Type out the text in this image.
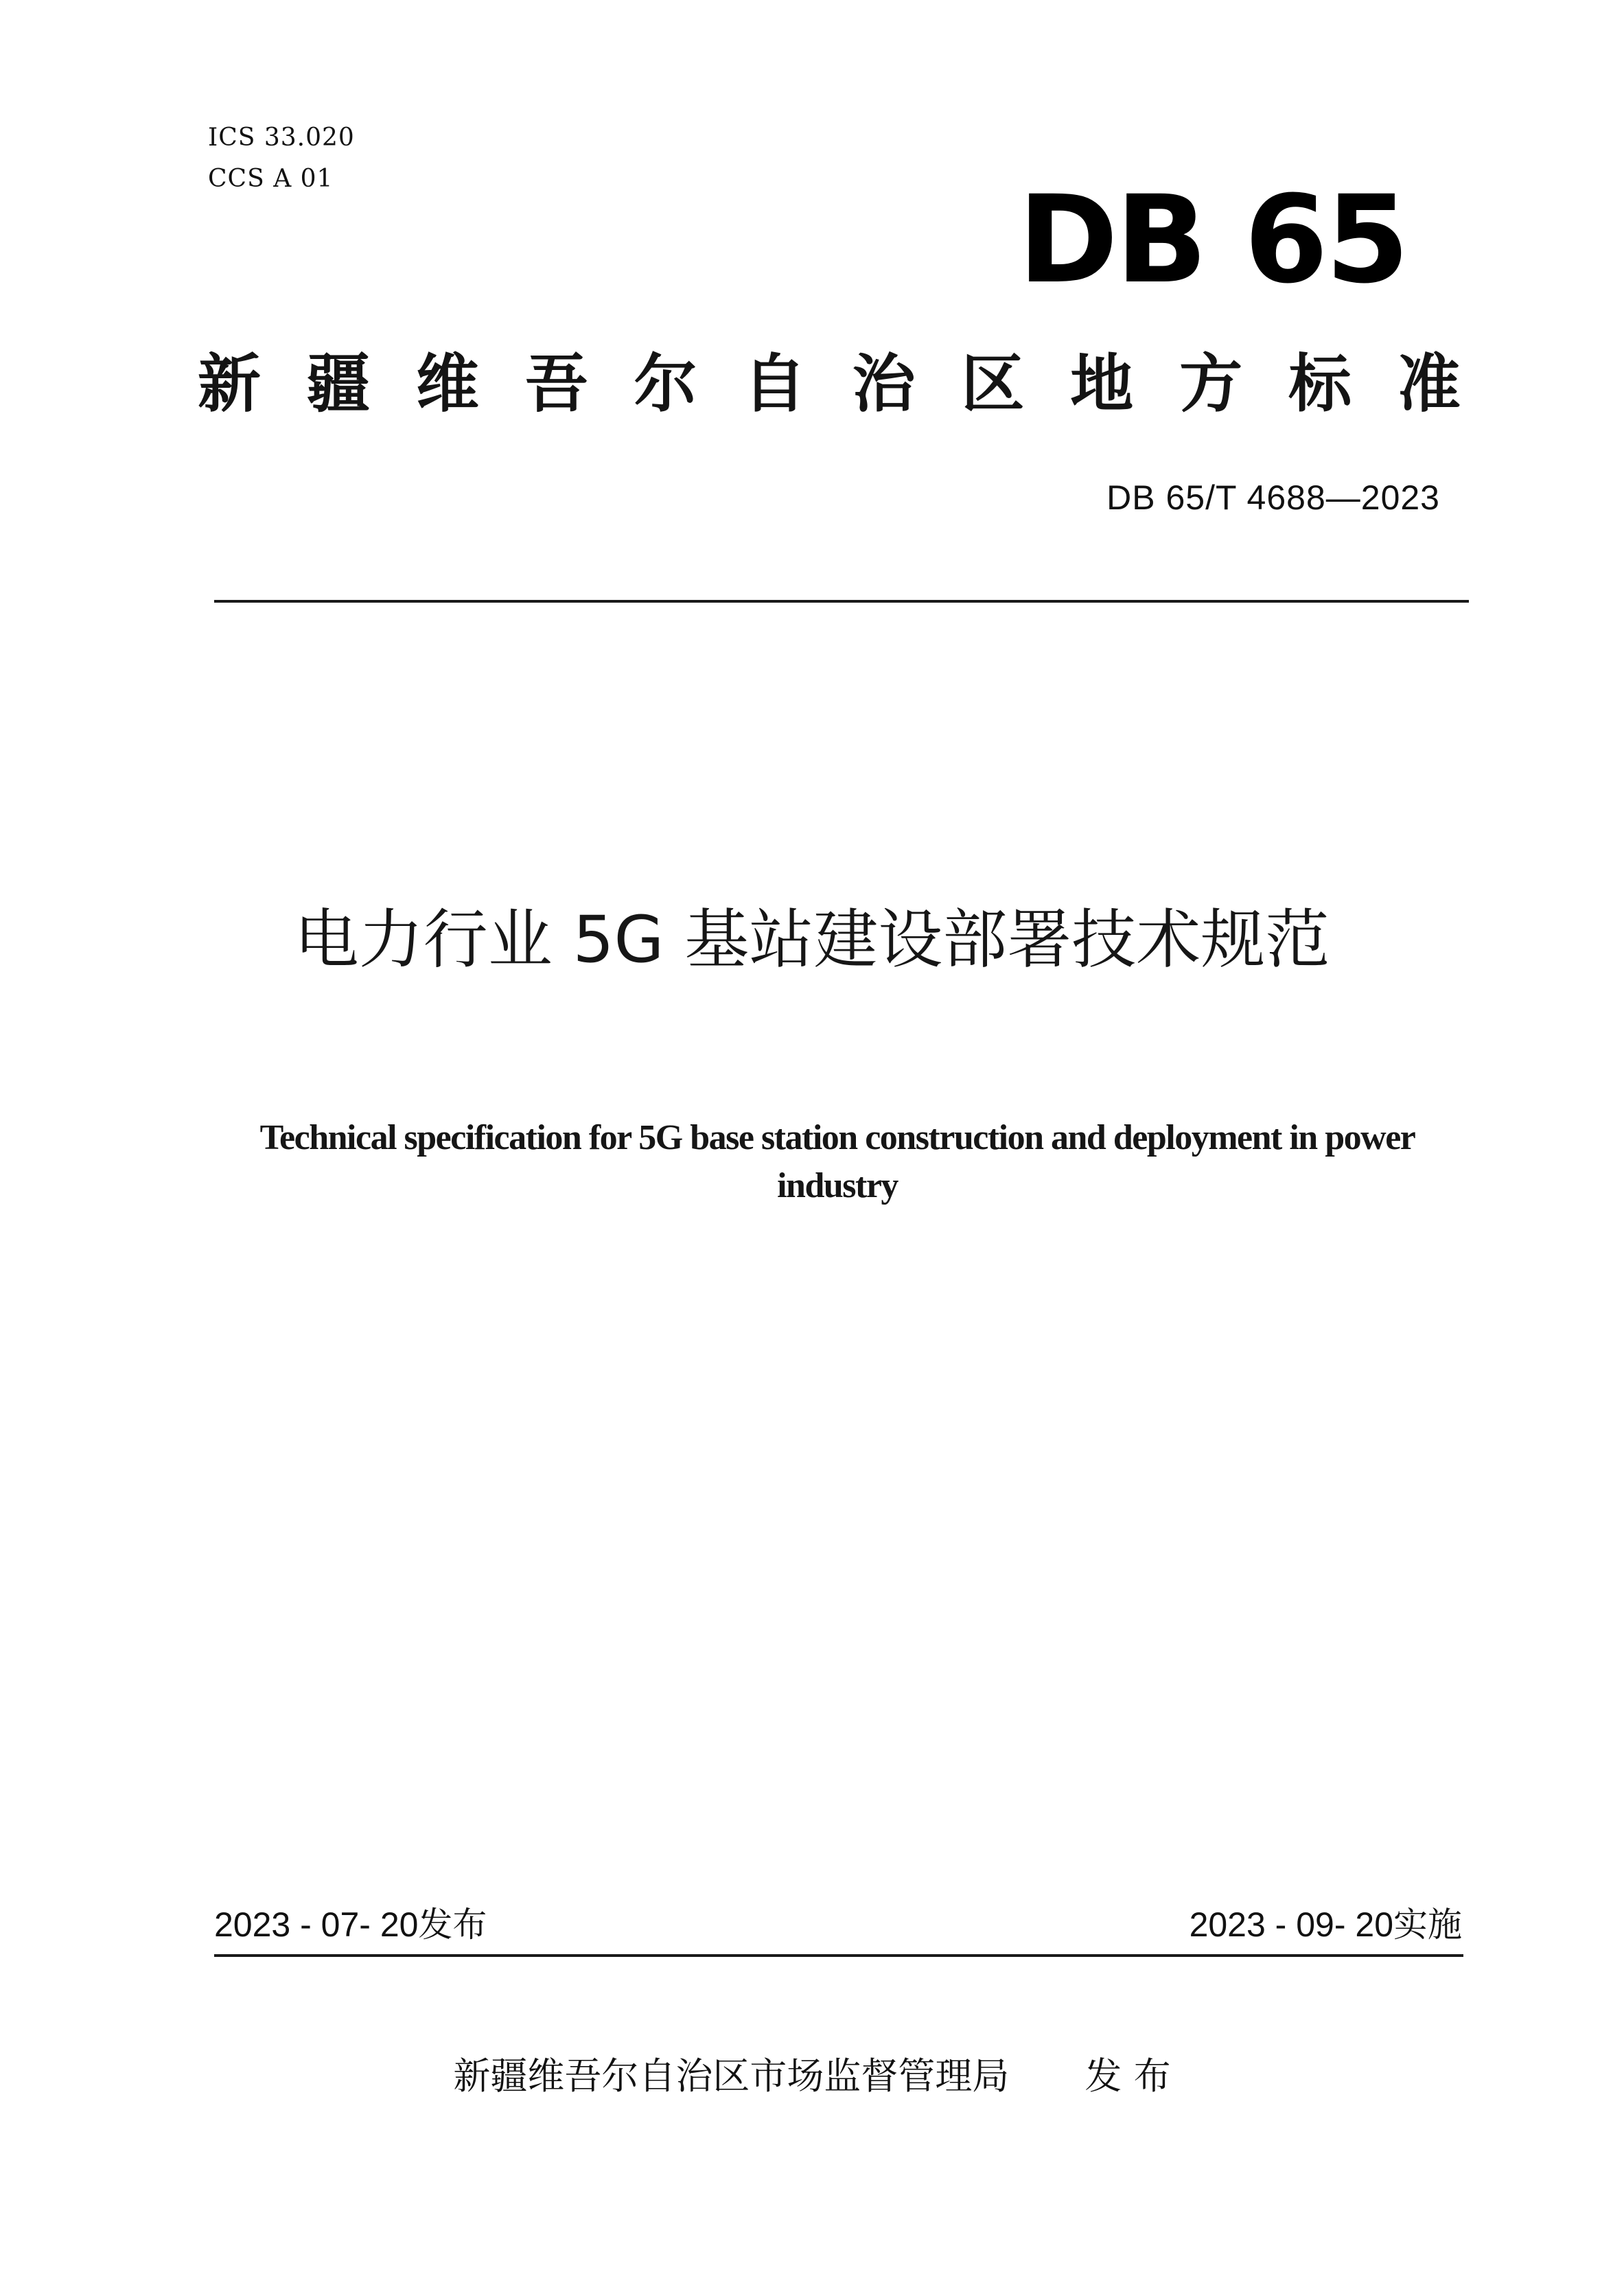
ICS 33.020
CCS A 01	DB 65
新 疆 维 吾 尔 自 治 区 地 方 标 准
DB 65/T 4688—2023
电力行业 5G 基站建设部署技术规范
Technical specification for 5G base station construction and deployment in power industry
2023 - 07- 20发布	2023 - 09- 20实施
新疆维吾尔自治区市场监督管理局 发 布
